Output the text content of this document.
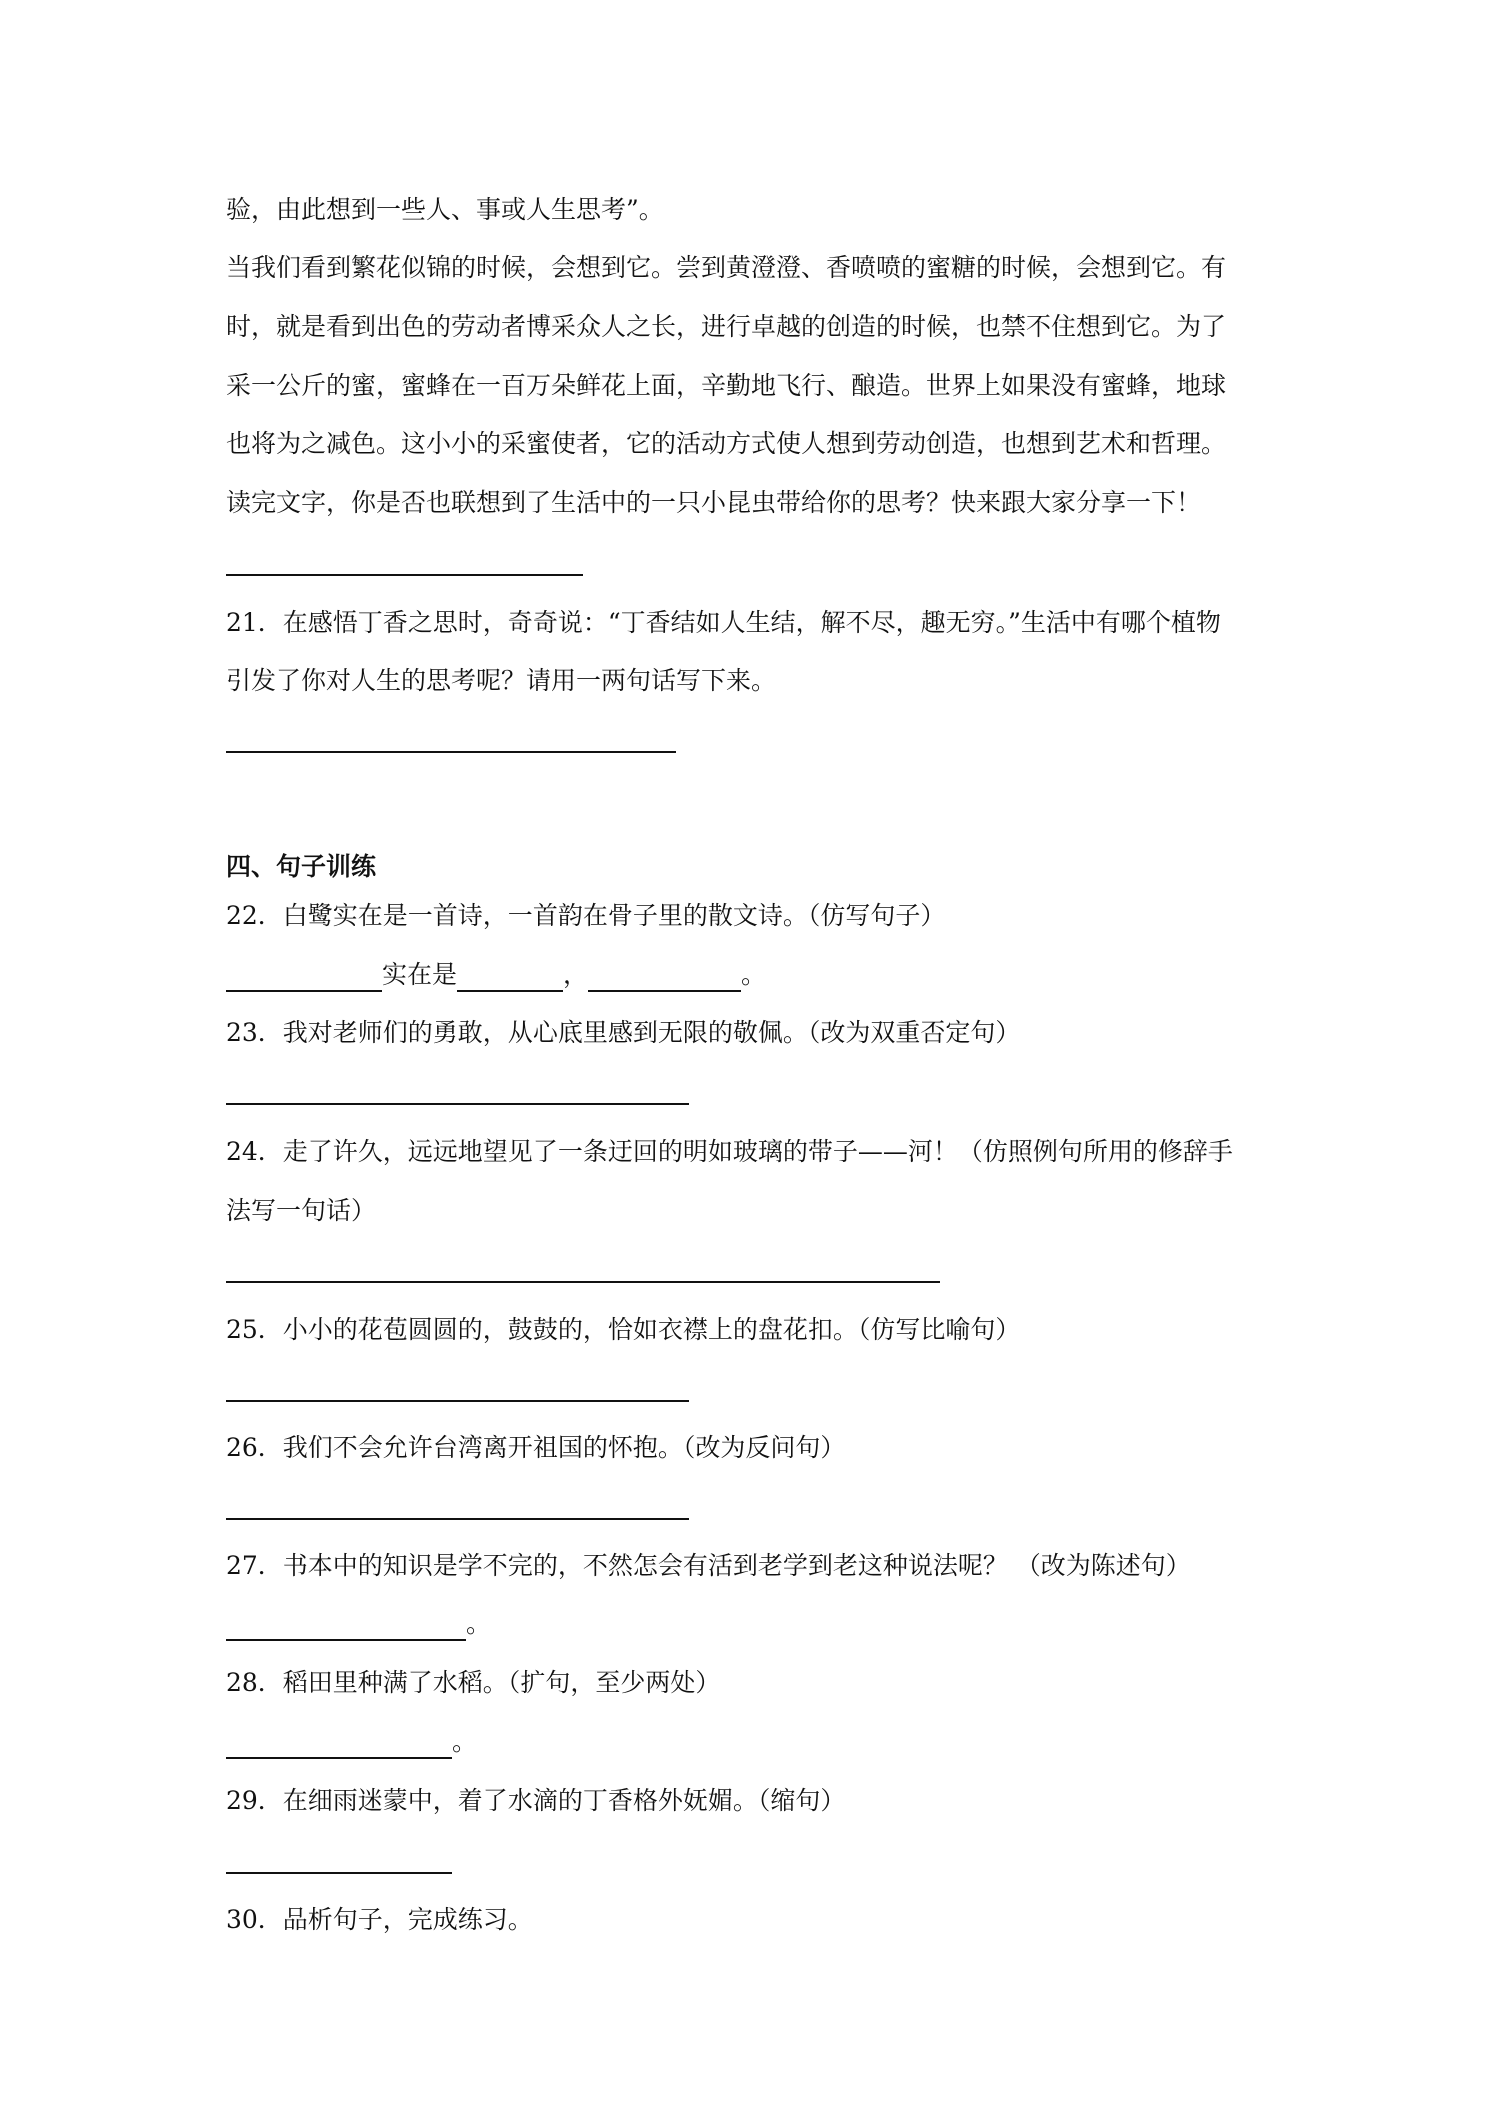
验，由此想到一些人、事或人生思考”。
当我们看到繁花似锦的时候，会想到它。尝到黄澄澄、香喷喷的蜜糖的时候，会想到它。有
时，就是看到出色的劳动者博采众人之长，进行卓越的创造的时候，也禁不住想到它。为了
采一公斤的蜜，蜜蜂在一百万朵鲜花上面，辛勤地飞行、酿造。世界上如果没有蜜蜂，地球
也将为之减色。这小小的采蜜使者，它的活动方式使人想到劳动创造，也想到艺术和哲理。
读完文字，你是否也联想到了生活中的一只小昆虫带给你的思考？快来跟大家分享一下！
21．在感悟丁香之思时，奇奇说：“丁香结如人生结，解不尽，趣无穷。”生活中有哪个植物
引发了你对人生的思考呢？请用一两句话写下来。
四、句子训练
22．白鹭实在是一首诗，一首韵在骨子里的散文诗。（仿写句子）
实在是	，	。
23．我对老师们的勇敢，从心底里感到无限的敬佩。（改为双重否定句）
24．走了许久，远远地望见了一条迂回的明如玻璃的带子——河！（仿照例句所用的修辞手
法写一句话）
25．小小的花苞圆圆的，鼓鼓的，恰如衣襟上的盘花扣。（仿写比喻句）
26．我们不会允许台湾离开祖国的怀抱。（改为反问句）
27．书本中的知识是学不完的，不然怎会有活到老学到老这种说法呢？ （改为陈述句）
。
28．稻田里种满了水稻。（扩句，至少两处）
。
29．在细雨迷蒙中，着了水滴的丁香格外妩媚。（缩句）
30．品析句子，完成练习。
